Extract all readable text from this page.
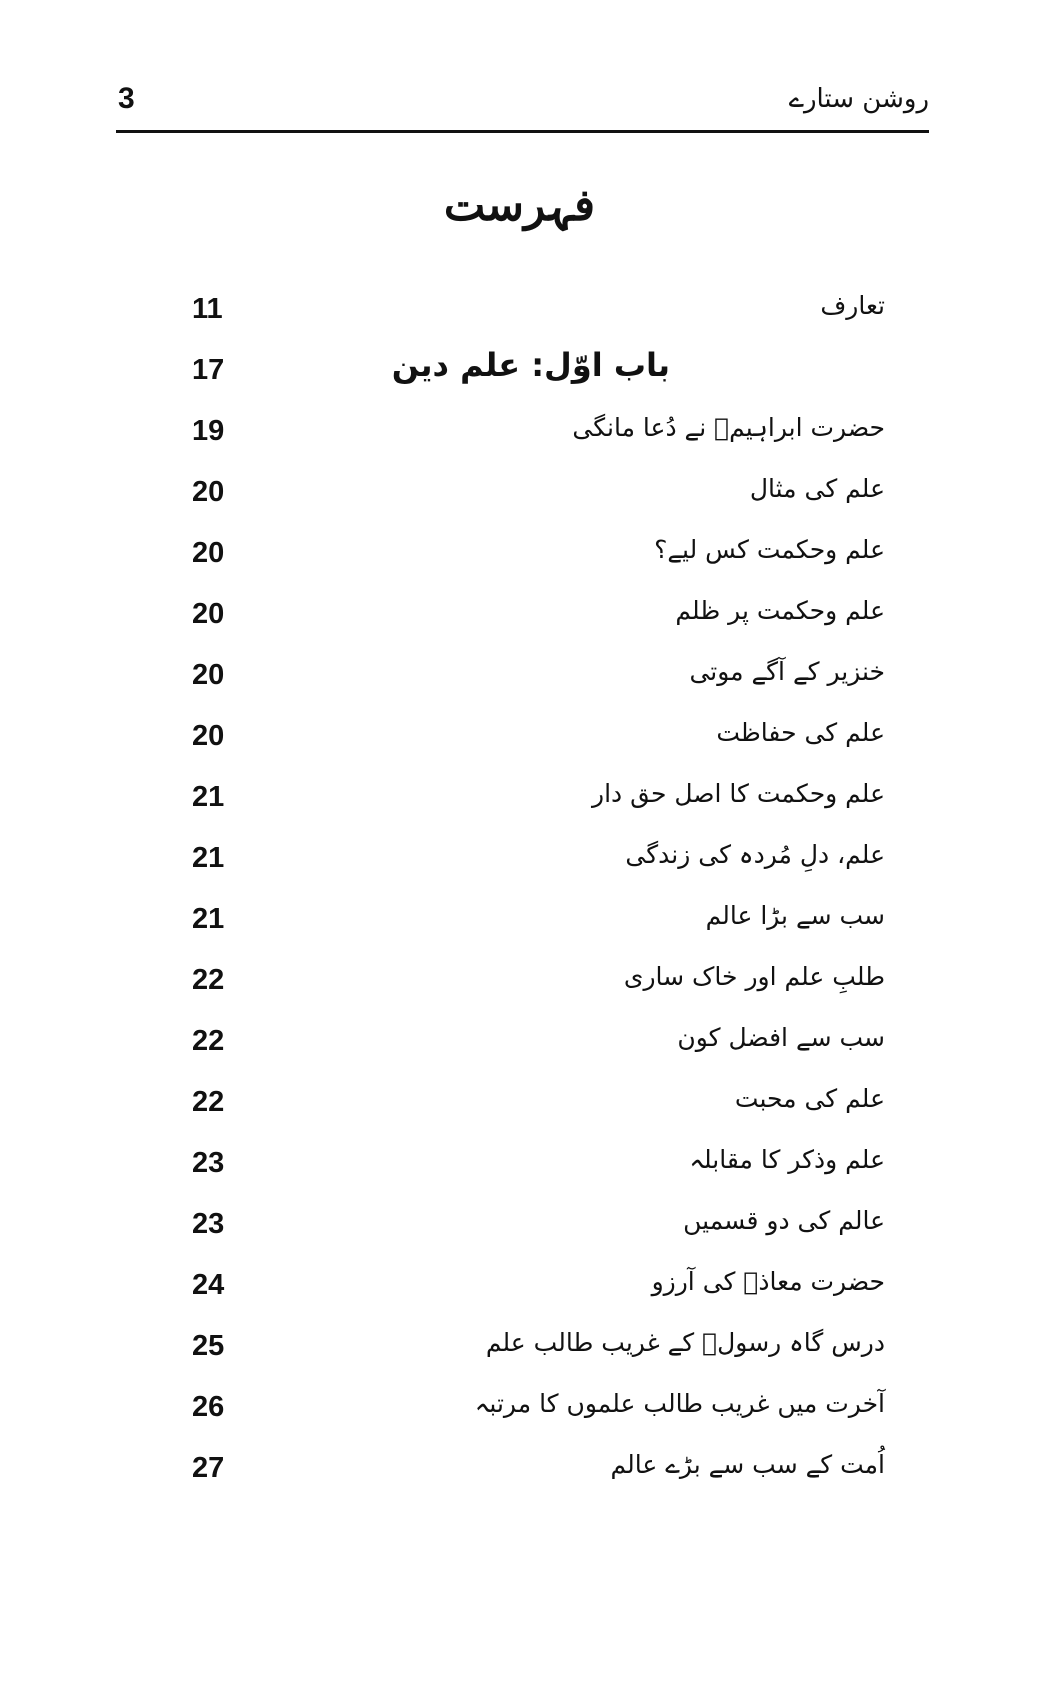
3	روشن ستارے
فہرست
تعارف
11
باب اوّل: علم دین
17
حضرت ابراہیمؑ نے دُعا مانگی
19
علم کی مثال
20
علم وحکمت کس لیے؟
20
علم وحکمت پر ظلم
20
خنزیر کے آگے موتی
20
علم کی حفاظت
20
علم وحکمت کا اصل حق دار
21
علم، دلِ مُردہ کی زندگی
21
سب سے بڑا عالم
21
طلبِ علم اور خاک ساری
22
سب سے افضل کون
22
علم کی محبت
22
علم وذکر کا مقابلہ
23
عالم کی دو قسمیں
23
حضرت معاذؓ کی آرزو
24
درس گاہ رسولؐ کے غریب طالب علم
25
آخرت میں غریب طالب علموں کا مرتبہ
26
اُمت کے سب سے بڑے عالم
27
